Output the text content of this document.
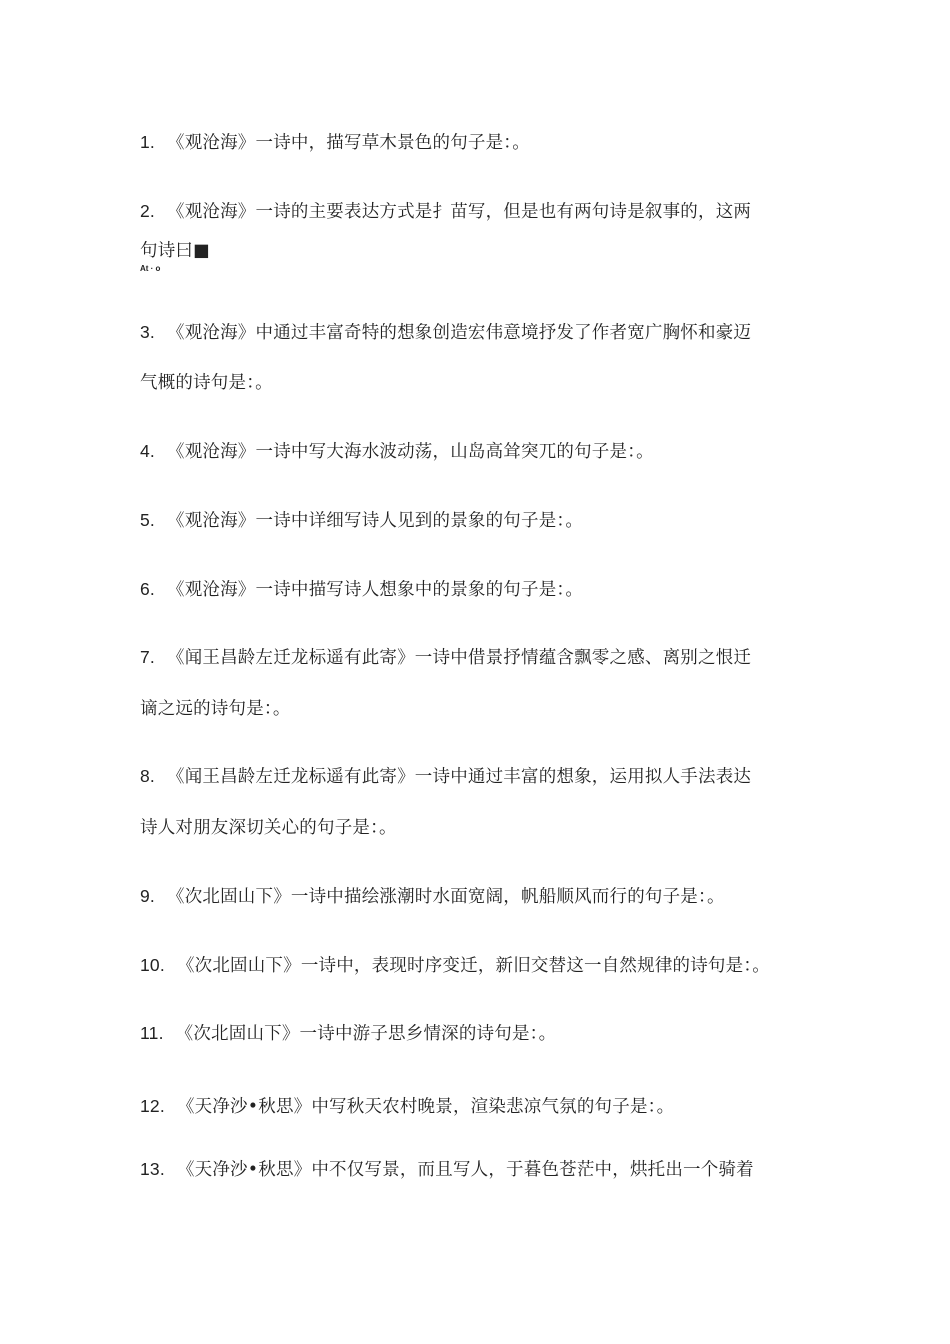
1. 《观沧海》一诗中，描写草木景色的句子是：。
2. 《观沧海》一诗的主要表达方式是扌苗写，但是也有两句诗是叙事的，这两
句诗曰■
At · o
3. 《观沧海》中通过丰富奇特的想象创造宏伟意境抒发了作者宽广胸怀和豪迈
气概的诗句是：。
4. 《观沧海》一诗中写大海水波动荡，山岛高耸突兀的句子是：。
5. 《观沧海》一诗中详细写诗人见到的景象的句子是：。
6. 《观沧海》一诗中描写诗人想象中的景象的句子是：。
7. 《闻王昌龄左迁龙标遥有此寄》一诗中借景抒情蕴含飘零之感、离别之恨迁
谪之远的诗句是：。
8. 《闻王昌龄左迁龙标遥有此寄》一诗中通过丰富的想象，运用拟人手法表达
诗人对朋友深切关心的句子是：。
9. 《次北固山下》一诗中描绘涨潮时水面宽阔，帆船顺风而行的句子是：。
10. 《次北固山下》一诗中，表现时序变迁，新旧交替这一自然规律的诗句是：。
11. 《次北固山下》一诗中游子思乡情深的诗句是：。
12. 《天净沙•秋思》中写秋天农村晚景，渲染悲凉气氛的句子是：。
13. 《天净沙•秋思》中不仅写景，而且写人，于暮色苍茫中，烘托出一个骑着
